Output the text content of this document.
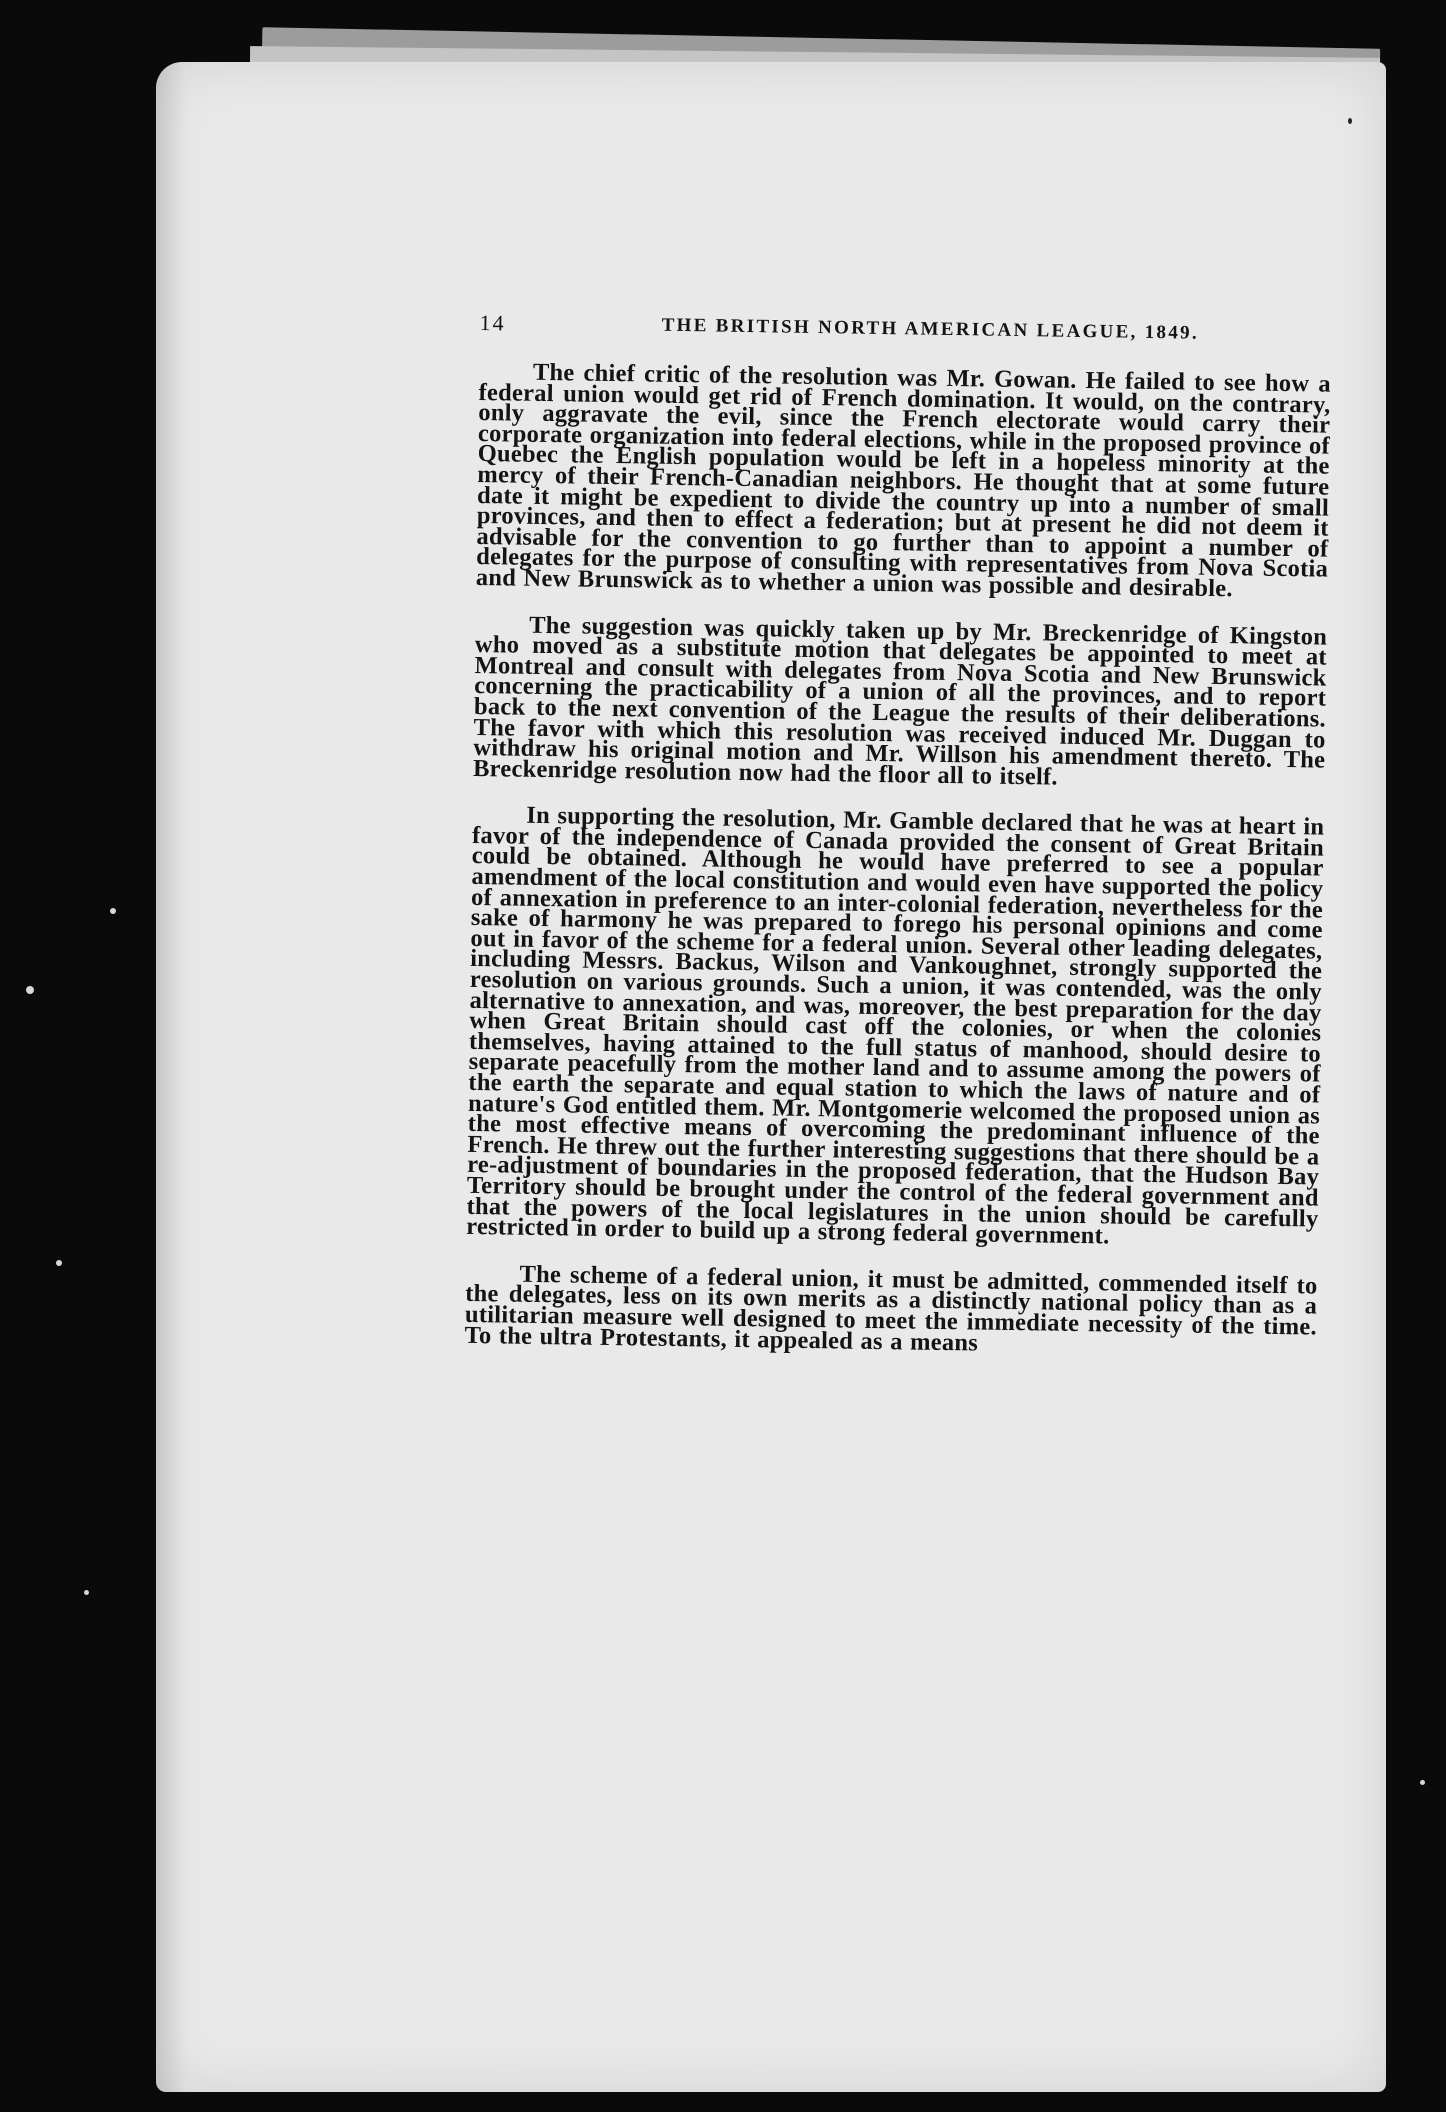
14	THE BRITISH NORTH AMERICAN LEAGUE, 1849.

The chief critic of the resolution was Mr. Gowan. He failed to see how a federal union would get rid of French domination. It would, on the contrary, only aggravate the evil, since the French electorate would carry their corporate organization into federal elections, while in the proposed province of Quebec the English population would be left in a hopeless minority at the mercy of their French-Canadian neighbors. He thought that at some future date it might be expedient to divide the country up into a number of small provinces, and then to effect a federation; but at present he did not deem it advisable for the convention to go further than to appoint a number of delegates for the purpose of consulting with representatives from Nova Scotia and New Brunswick as to whether a union was possible and desirable.

The suggestion was quickly taken up by Mr. Breckenridge of Kingston who moved as a substitute motion that delegates be appointed to meet at Montreal and consult with delegates from Nova Scotia and New Brunswick concerning the practicability of a union of all the provinces, and to report back to the next convention of the League the results of their deliberations. The favor with which this resolution was received induced Mr. Duggan to withdraw his original motion and Mr. Willson his amendment thereto. The Breckenridge resolution now had the floor all to itself.

In supporting the resolution, Mr. Gamble declared that he was at heart in favor of the independence of Canada provided the consent of Great Britain could be obtained. Although he would have preferred to see a popular amendment of the local constitution and would even have supported the policy of annexation in preference to an inter-colonial federation, nevertheless for the sake of harmony he was prepared to forego his personal opinions and come out in favor of the scheme for a federal union. Several other leading delegates, including Messrs. Backus, Wilson and Vankoughnet, strongly supported the resolution on various grounds. Such a union, it was contended, was the only alternative to annexation, and was, moreover, the best preparation for the day when Great Britain should cast off the colonies, or when the colonies themselves, having attained to the full status of manhood, should desire to separate peacefully from the mother land and to assume among the powers of the earth the separate and equal station to which the laws of nature and of nature's God entitled them. Mr. Montgomerie welcomed the proposed union as the most effective means of overcoming the predominant influence of the French. He threw out the further interesting suggestions that there should be a re-adjustment of boundaries in the proposed federation, that the Hudson Bay Territory should be brought under the control of the federal government and that the powers of the local legislatures in the union should be carefully restricted in order to build up a strong federal government.

The scheme of a federal union, it must be admitted, commended itself to the delegates, less on its own merits as a distinctly national policy than as a utilitarian measure well designed to meet the immediate necessity of the time. To the ultra Protestants, it appealed as a means
